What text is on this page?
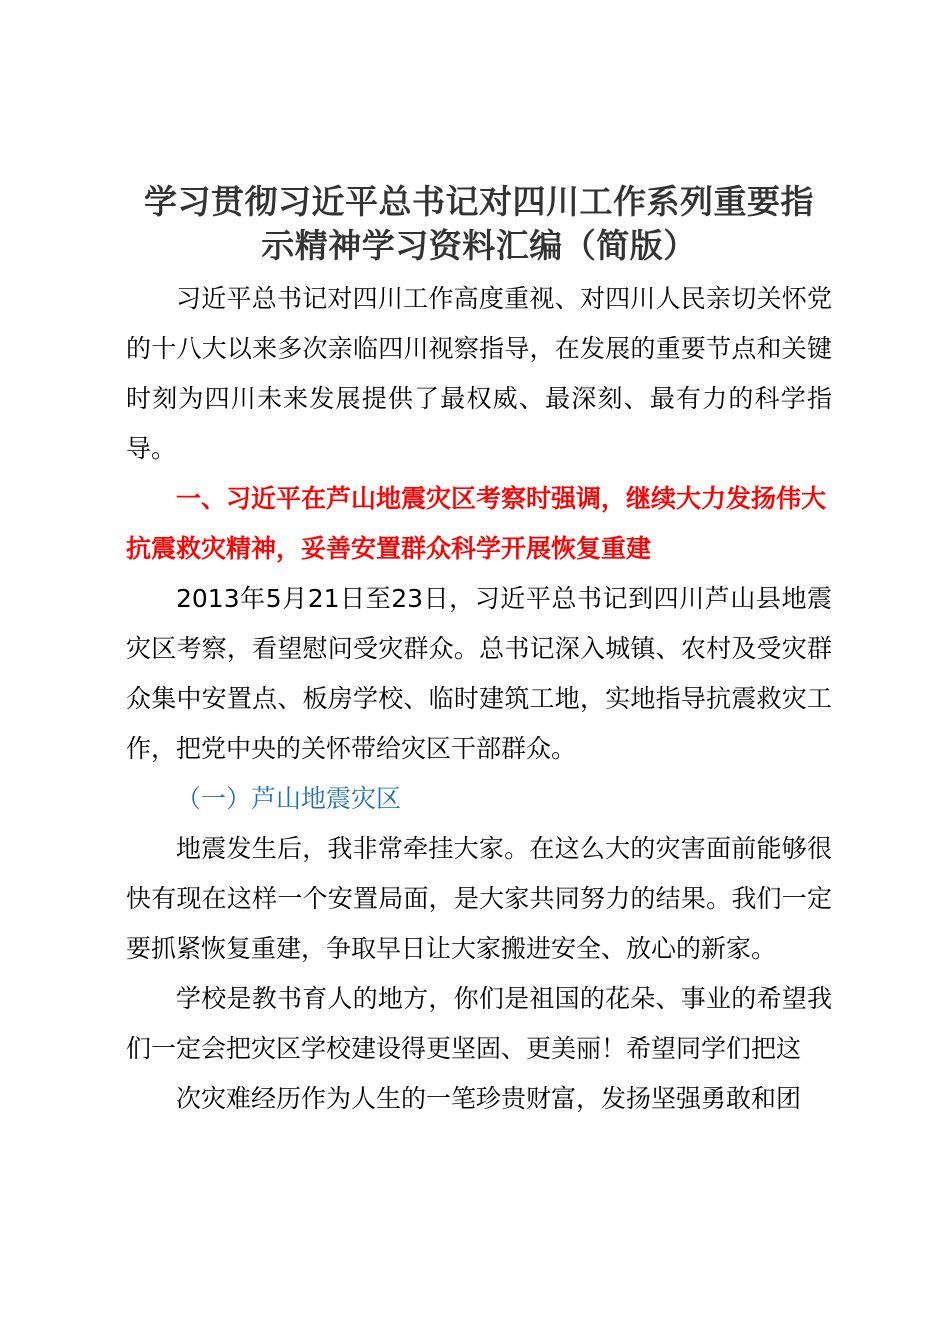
学习贯彻习近平总书记对四川工作系列重要指
示精神学习资料汇编（简版）

习近平总书记对四川工作高度重视、对四川人民亲切关怀党的十八大以来多次亲临四川视察指导，在发展的重要节点和关键时刻为四川未来发展提供了最权威、最深刻、最有力的科学指导。

一、习近平在芦山地震灾区考察时强调，继续大力发扬伟大抗震救灾精神，妥善安置群众科学开展恢复重建

2013年5月21日至23日，习近平总书记到四川芦山县地震灾区考察，看望慰问受灾群众。总书记深入城镇、农村及受灾群众集中安置点、板房学校、临时建筑工地，实地指导抗震救灾工作，把党中央的关怀带给灾区干部群众。

（一）芦山地震灾区

地震发生后，我非常牵挂大家。在这么大的灾害面前能够很快有现在这样一个安置局面，是大家共同努力的结果。我们一定要抓紧恢复重建，争取早日让大家搬进安全、放心的新家。

学校是教书育人的地方，你们是祖国的花朵、事业的希望我们一定会把灾区学校建设得更坚固、更美丽！希望同学们把这

次灾难经历作为人生的一笔珍贵财富，发扬坚强勇敢和团
